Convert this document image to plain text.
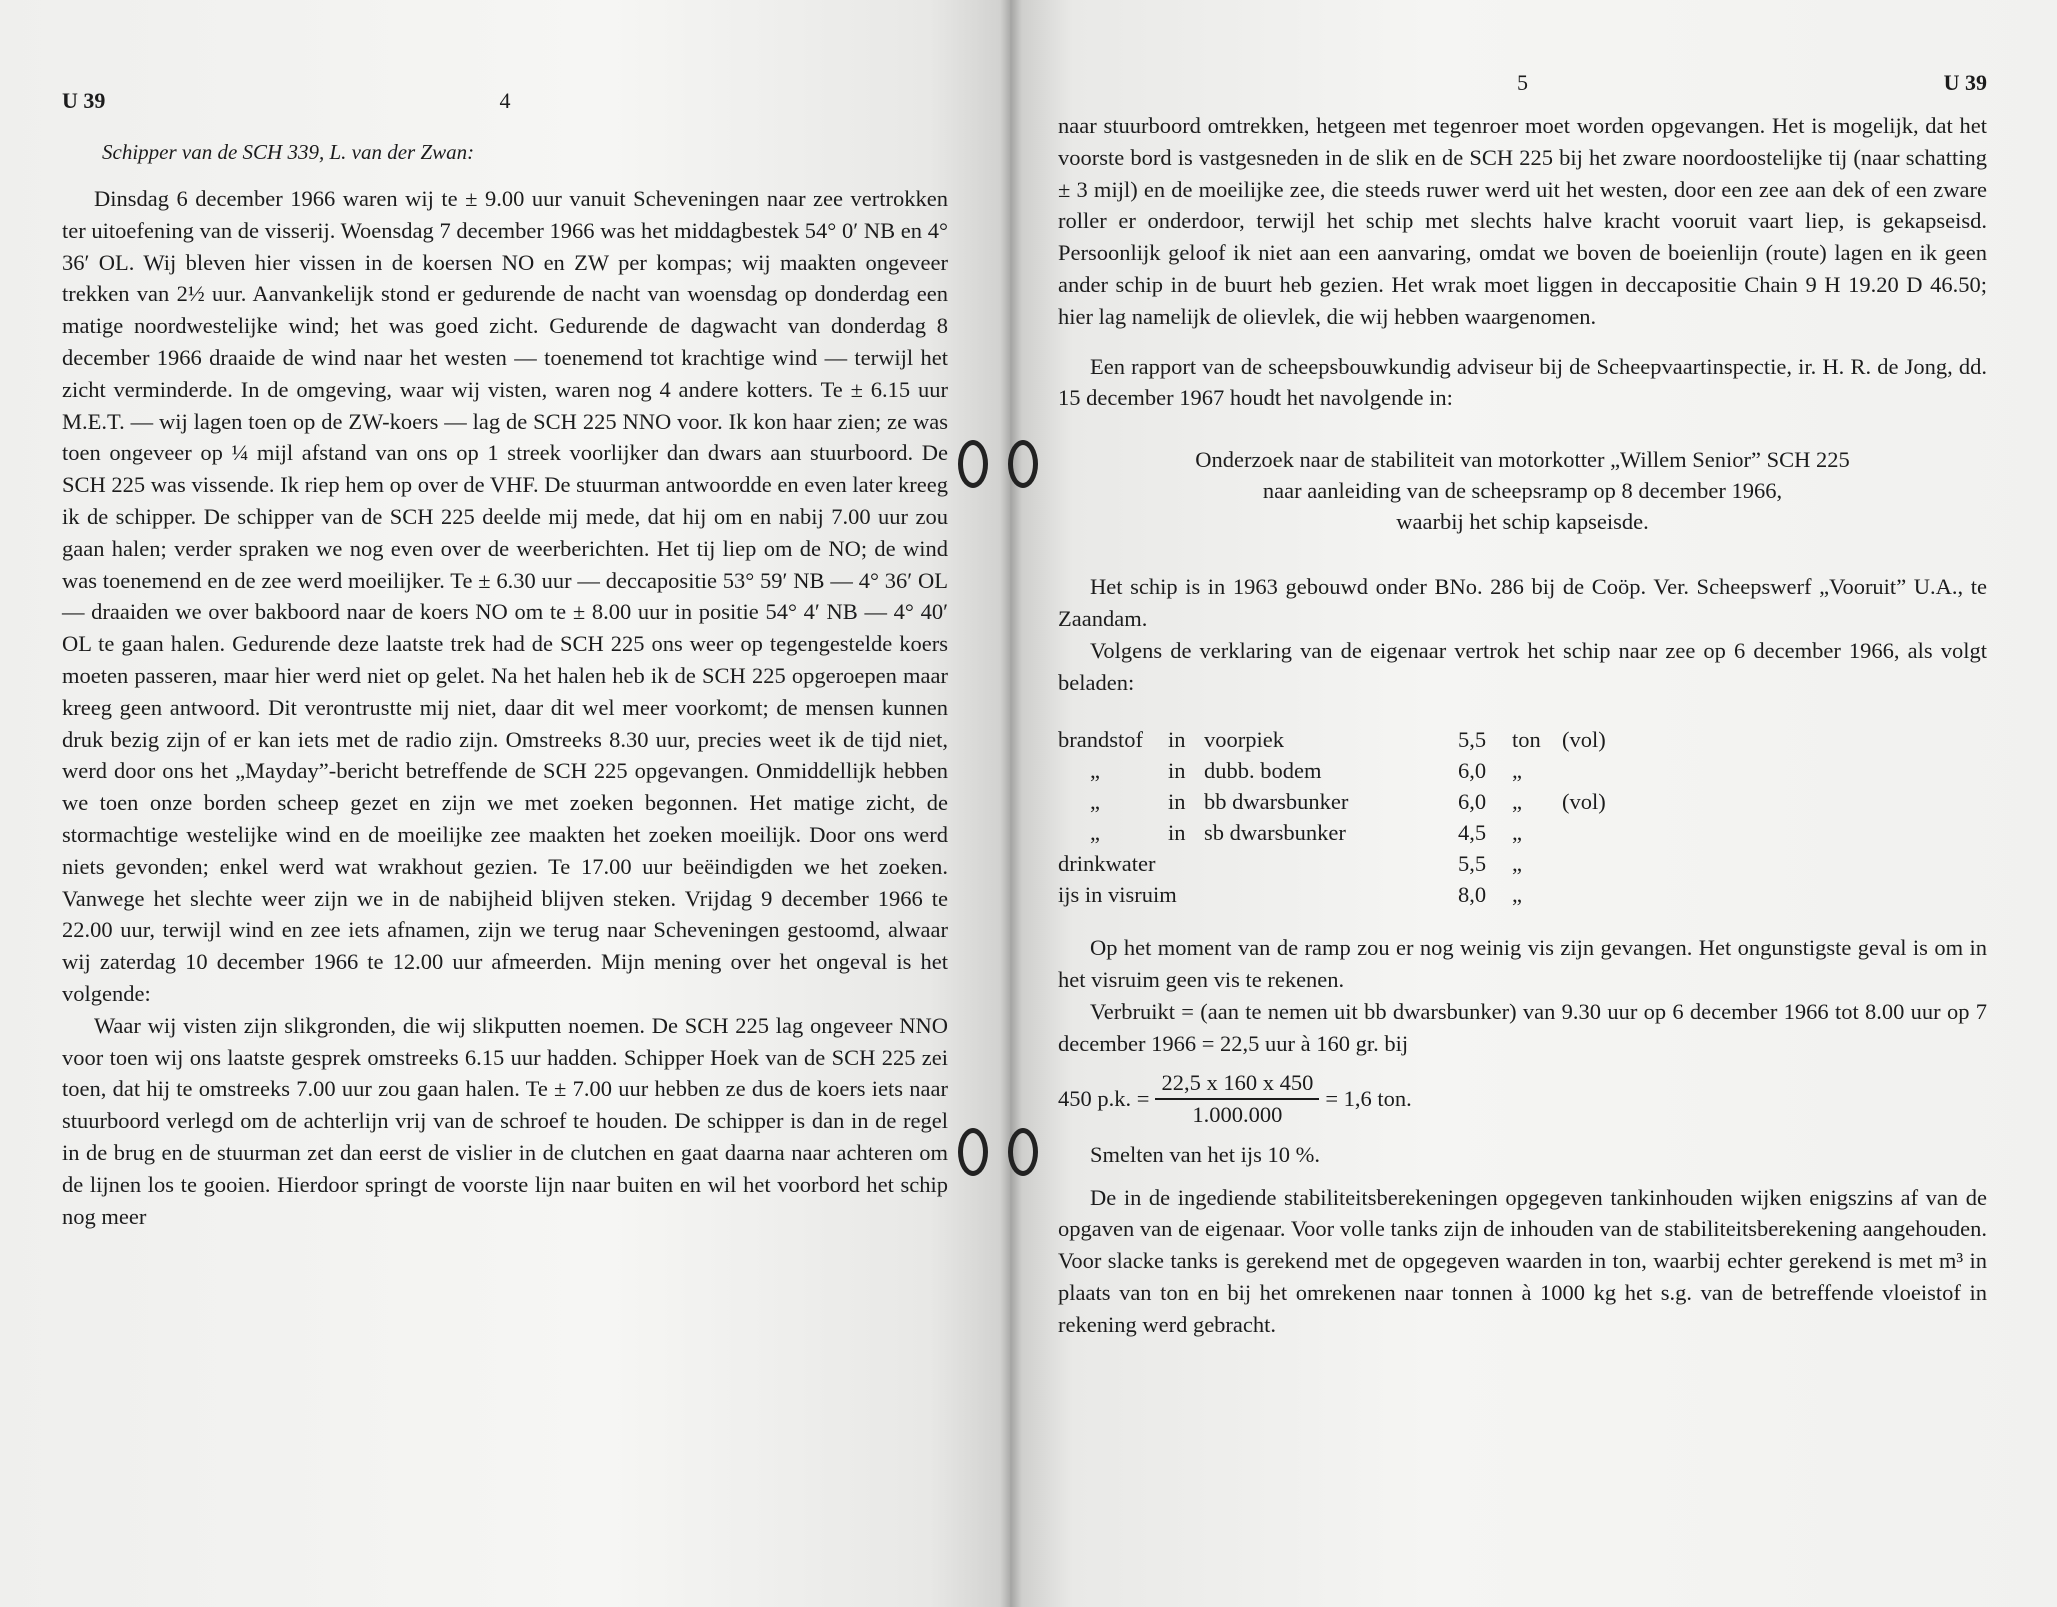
U 39	4
Schipper van de SCH 339, L. van der Zwan:

Dinsdag 6 december 1966 waren wij te ± 9.00 uur vanuit Scheveningen naar zee vertrokken ter uitoefening van de visserij. Woensdag 7 december 1966 was het middagbestek 54° 0′ NB en 4° 36′ OL. Wij bleven hier vissen in de koersen NO en ZW per kompas; wij maakten ongeveer trekken van 2½ uur. Aanvankelijk stond er gedurende de nacht van woensdag op donderdag een matige noordwestelijke wind; het was goed zicht. Gedurende de dagwacht van donderdag 8 december 1966 draaide de wind naar het westen — toenemend tot krachtige wind — terwijl het zicht verminderde. In de omgeving, waar wij visten, waren nog 4 andere kotters. Te ± 6.15 uur M.E.T. — wij lagen toen op de ZW-koers — lag de SCH 225 NNO voor. Ik kon haar zien; ze was toen ongeveer op ¼ mijl afstand van ons op 1 streek voorlijker dan dwars aan stuurboord. De SCH 225 was vissende. Ik riep hem op over de VHF. De stuurman antwoordde en even later kreeg ik de schipper. De schipper van de SCH 225 deelde mij mede, dat hij om en nabij 7.00 uur zou gaan halen; verder spraken we nog even over de weerberichten. Het tij liep om de NO; de wind was toenemend en de zee werd moeilijker. Te ± 6.30 uur — deccapositie 53° 59′ NB — 4° 36′ OL — draaiden we over bakboord naar de koers NO om te ± 8.00 uur in positie 54° 4′ NB — 4° 40′ OL te gaan halen. Gedurende deze laatste trek had de SCH 225 ons weer op tegengestelde koers moeten passeren, maar hier werd niet op gelet. Na het halen heb ik de SCH 225 opgeroepen maar kreeg geen antwoord. Dit verontrustte mij niet, daar dit wel meer voorkomt; de mensen kunnen druk bezig zijn of er kan iets met de radio zijn. Omstreeks 8.30 uur, precies weet ik de tijd niet, werd door ons het „Mayday”-bericht betreffende de SCH 225 opgevangen. Onmiddellijk hebben we toen onze borden scheep gezet en zijn we met zoeken begonnen. Het matige zicht, de stormachtige westelijke wind en de moeilijke zee maakten het zoeken moeilijk. Door ons werd niets gevonden; enkel werd wat wrakhout gezien. Te 17.00 uur beëindigden we het zoeken. Vanwege het slechte weer zijn we in de nabijheid blijven steken. Vrijdag 9 december 1966 te 22.00 uur, terwijl wind en zee iets afnamen, zijn we terug naar Scheveningen gestoomd, alwaar wij zaterdag 10 december 1966 te 12.00 uur afmeerden. Mijn mening over het ongeval is het volgende:

Waar wij visten zijn slikgronden, die wij slikputten noemen. De SCH 225 lag ongeveer NNO voor toen wij ons laatste gesprek omstreeks 6.15 uur hadden. Schipper Hoek van de SCH 225 zei toen, dat hij te omstreeks 7.00 uur zou gaan halen. Te ± 7.00 uur hebben ze dus de koers iets naar stuurboord verlegd om de achterlijn vrij van de schroef te houden. De schipper is dan in de regel in de brug en de stuurman zet dan eerst de vislier in de clutchen en gaat daarna naar achteren om de lijnen los te gooien. Hierdoor springt de voorste lijn naar buiten en wil het voorbord het schip nog meer

5	U 39

naar stuurboord omtrekken, hetgeen met tegenroer moet worden opgevangen. Het is mogelijk, dat het voorste bord is vastgesneden in de slik en de SCH 225 bij het zware noordoostelijke tij (naar schatting ± 3 mijl) en de moeilijke zee, die steeds ruwer werd uit het westen, door een zee aan dek of een zware roller er onderdoor, terwijl het schip met slechts halve kracht vooruit vaart liep, is gekapseisd. Persoonlijk geloof ik niet aan een aanvaring, omdat we boven de boeienlijn (route) lagen en ik geen ander schip in de buurt heb gezien. Het wrak moet liggen in deccapositie Chain 9 H 19.20 D 46.50; hier lag namelijk de olievlek, die wij hebben waargenomen.

Een rapport van de scheepsbouwkundig adviseur bij de Scheepvaartinspectie, ir. H. R. de Jong, dd. 15 december 1967 houdt het navolgende in:

Onderzoek naar de stabiliteit van motorkotter „Willem Senior” SCH 225
naar aanleiding van de scheepsramp op 8 december 1966,
waarbij het schip kapseisde.

Het schip is in 1963 gebouwd onder BNo. 286 bij de Coöp. Ver. Scheepswerf „Vooruit” U.A., te Zaandam.

Volgens de verklaring van de eigenaar vertrok het schip naar zee op 6 december 1966, als volgt beladen:

brandstof	in voorpiek	5,5	ton (vol)
„	in dubb. bodem	6,0	„
„	in bb dwarsbunker	6,0	„	(vol)
„	in sb dwarsbunker	4,5	„
drinkwater	5,5	„
ijs in visruim	8,0	„

Op het moment van de ramp zou er nog weinig vis zijn gevangen. Het ongunstigste geval is om in het visruim geen vis te rekenen.

Verbruikt = (aan te nemen uit bb dwarsbunker) van 9.30 uur op 6 december 1966 tot 8.00 uur op 7 december 1966 = 22,5 uur à 160 gr. bij

450 p.k. = $\frac{22,5 x 160 x 450}{1.000.000} = 1,6$ ton.
Smelten van het ijs 10 %.

De in de ingediende stabiliteitsberekeningen opgegeven tankinhouden wijken enigszins af van de opgaven van de eigenaar. Voor volle tanks zijn de inhouden van de stabiliteitsberekening aangehouden. Voor slacke tanks is gerekend met de opgegeven waarden in ton, waarbij echter gerekend is met m³ in plaats van ton en bij het omrekenen naar tonnen à 1000 kg het s.g. van de betreffende vloeistof in rekening werd gebracht.
